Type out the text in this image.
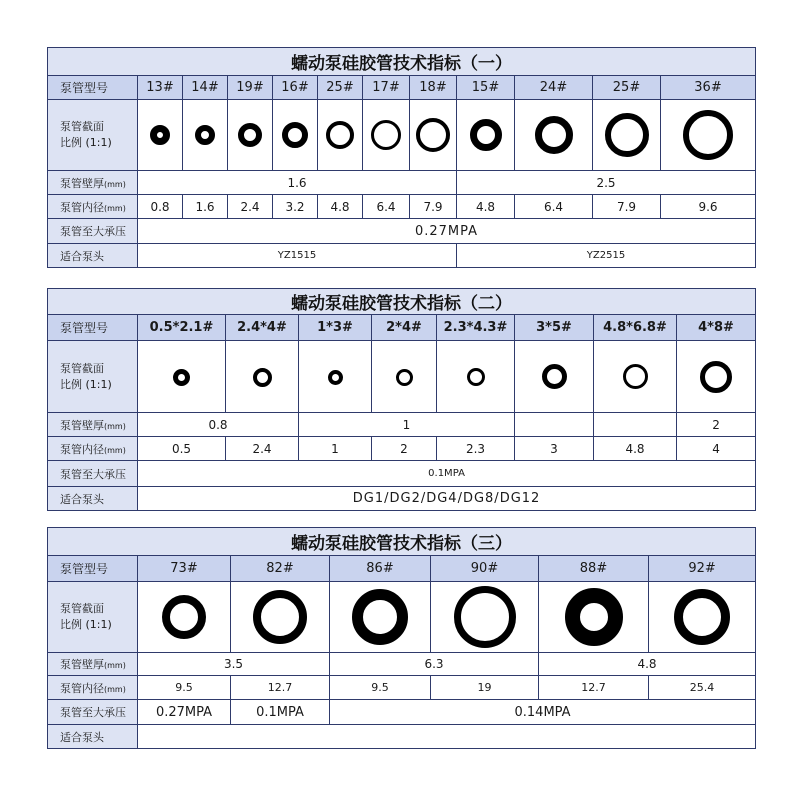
蠕动泵硅胶管技术指标（一）											
泵管型号	13#	14#	19#	16#	25#	17#	18#	15#	24#	25#	36#

泵管截面
比例 (1:1)											

泵管壁厚(mm)	1.6							2.5			
泵管内径(mm)	0.8	1.6	2.4	3.2	4.8	6.4	7.9	4.8	6.4	7.9	9.6
泵管至大承压	0.27MPA										
适合泵头	YZ1515							YZ2515			
蠕动泵硅胶管技术指标（二）								
泵管型号	0.5*2.1#	2.4*4#	1*3#	2*4#	2.3*4.3#	3*5#	4.8*6.8#	4*8#

泵管截面
比例 (1:1)								

泵管壁厚(mm)	0.8		1					2
泵管内径(mm)	0.5	2.4	1	2	2.3	3	4.8	4
泵管至大承压	0.1MPA							
适合泵头	DG1/DG2/DG4/DG8/DG12							
蠕动泵硅胶管技术指标（三）						
泵管型号	73#	82#	86#	90#	88#	92#

泵管截面
比例 (1:1)						

泵管壁厚(mm)	3.5		6.3		4.8	
泵管内径(mm)	9.5	12.7	9.5	19	12.7	25.4
泵管至大承压	0.27MPA	0.1MPA	0.14MPA			
适合泵头						
